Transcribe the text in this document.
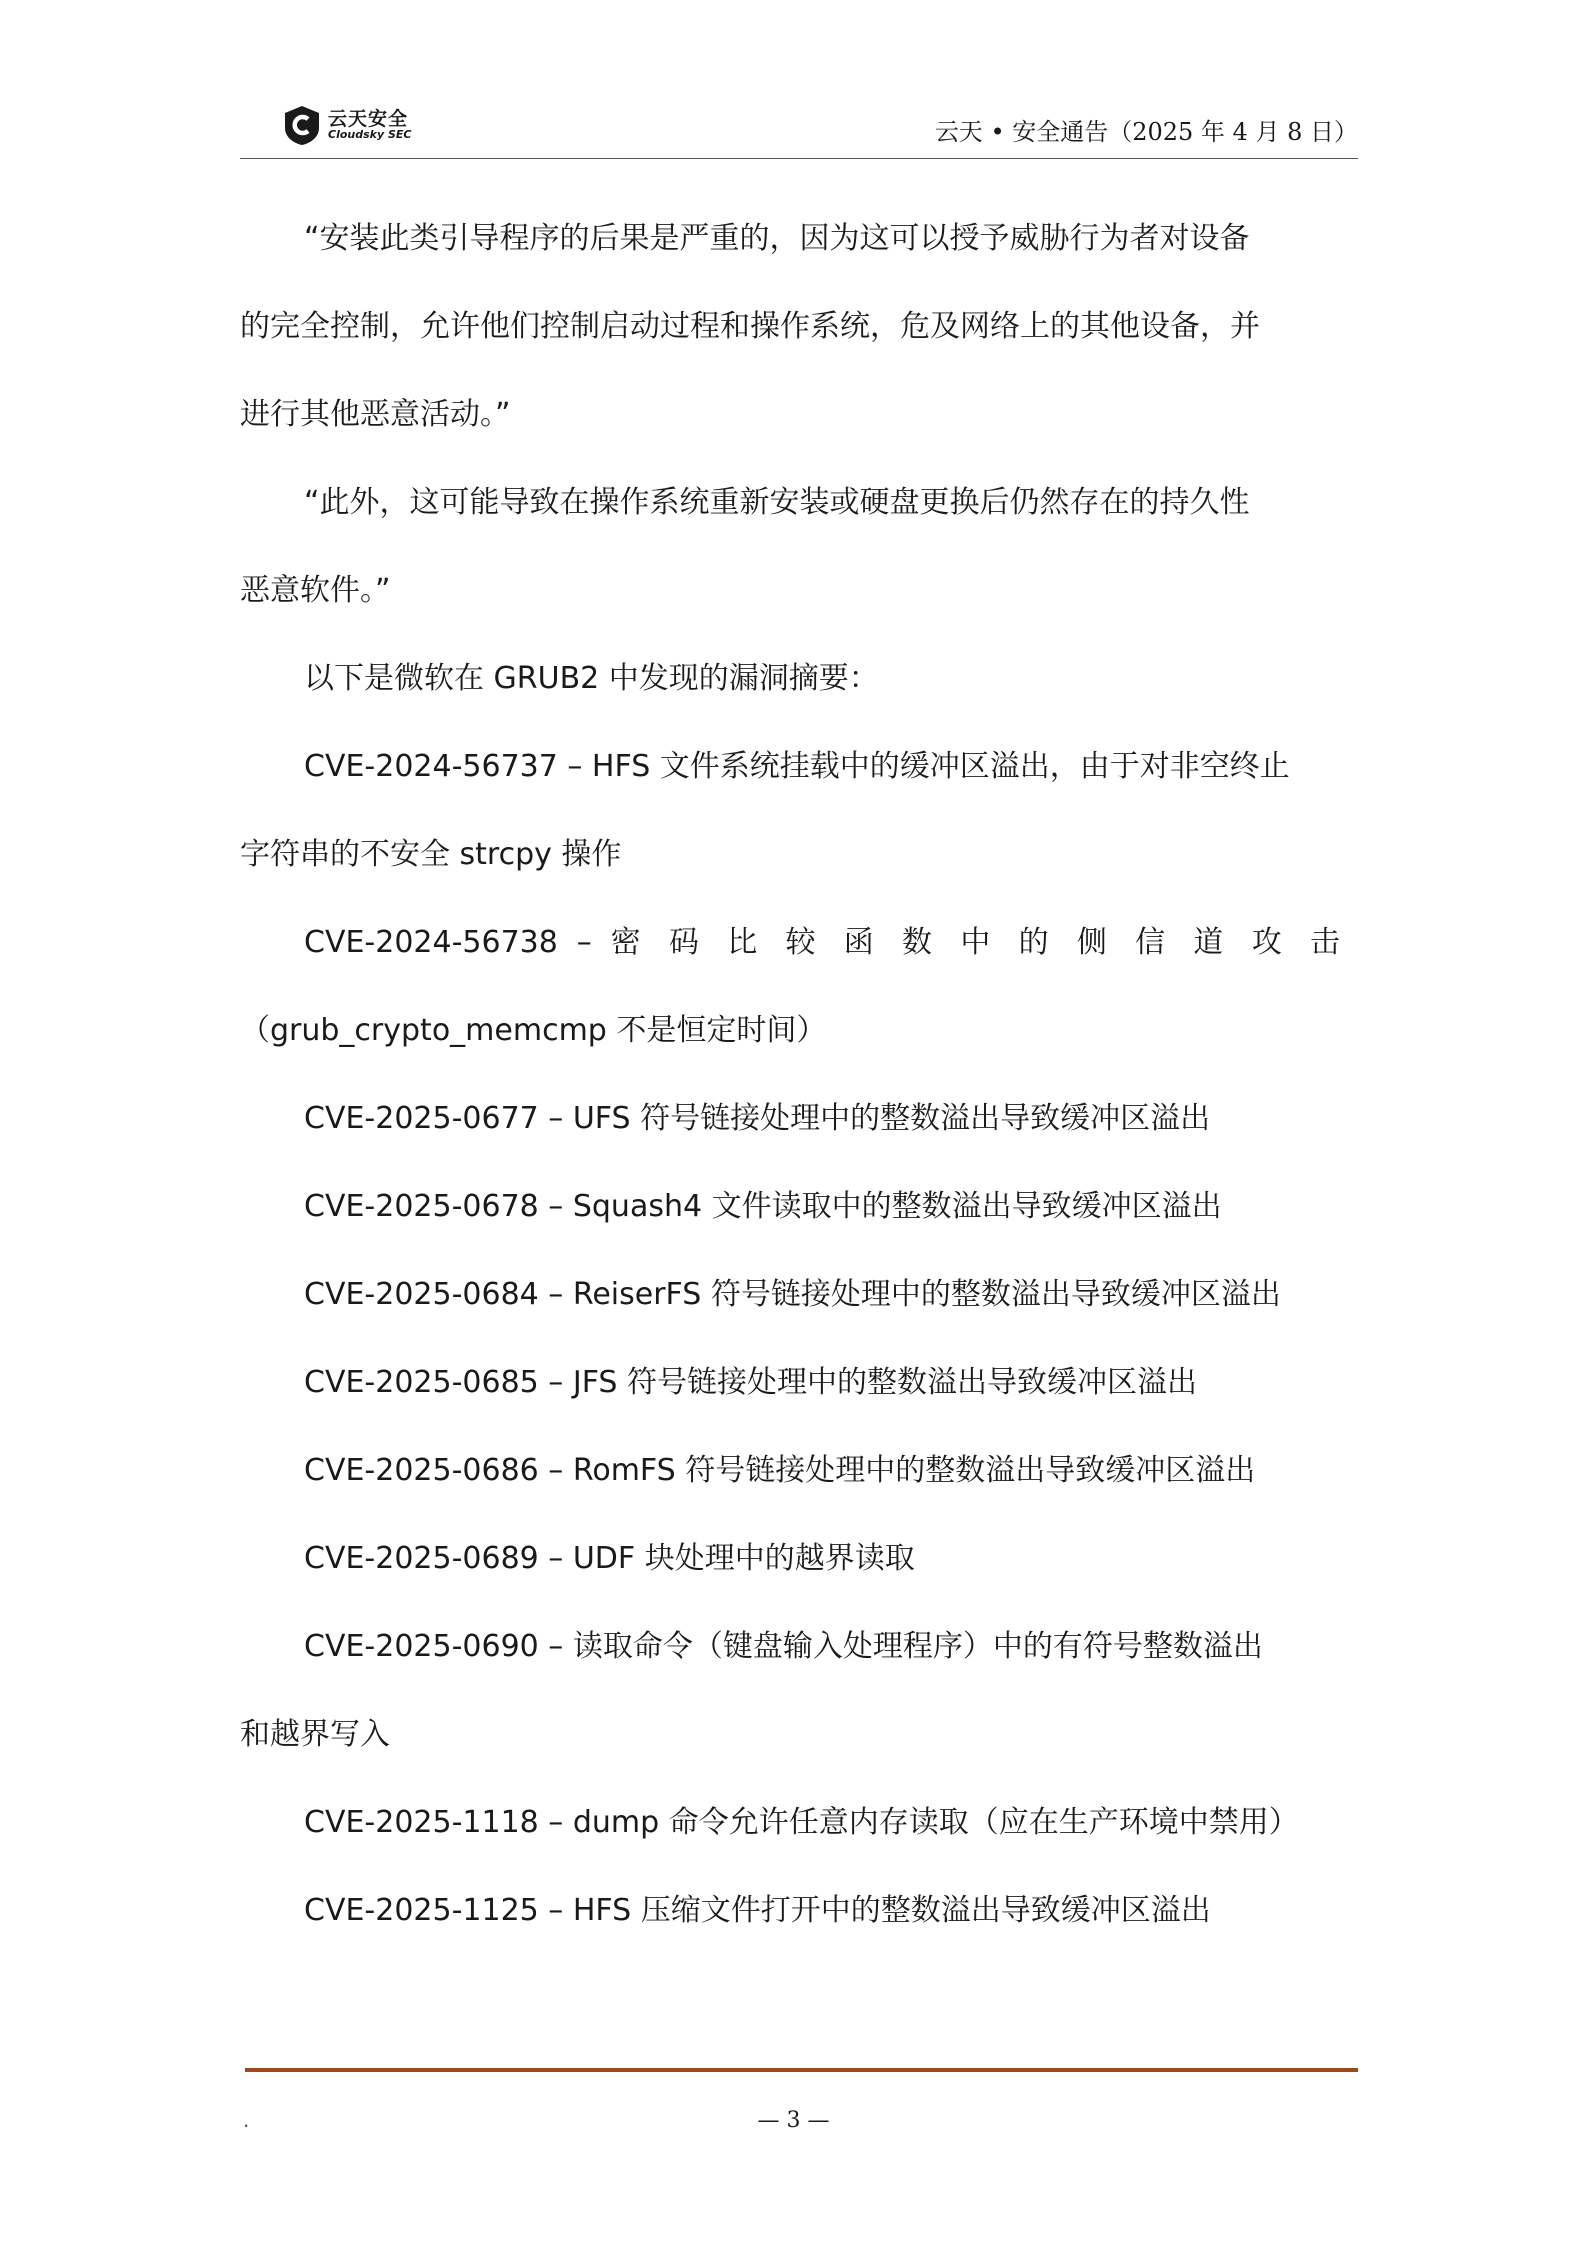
云天安全
Cloudsky SEC	云天 • 安全通告（2025 年 4 月 8 日）

“安装此类引导程序的后果是严重的，因为这可以授予威胁行为者对设备

的完全控制，允许他们控制启动过程和操作系统，危及网络上的其他设备，并

进行其他恶意活动。”

“此外，这可能导致在操作系统重新安装或硬盘更换后仍然存在的持久性

恶意软件。”

以下是微软在 GRUB2 中发现的漏洞摘要：

CVE-2024-56737 – HFS 文件系统挂载中的缓冲区溢出，由于对非空终止

字符串的不安全 strcpy 操作

CVE-2024-56738 – 密 码 比 较 函 数 中 的 侧 信 道 攻 击

（grub_crypto_memcmp 不是恒定时间）

CVE-2025-0677 – UFS 符号链接处理中的整数溢出导致缓冲区溢出

CVE-2025-0678 – Squash4 文件读取中的整数溢出导致缓冲区溢出

CVE-2025-0684 – ReiserFS 符号链接处理中的整数溢出导致缓冲区溢出

CVE-2025-0685 – JFS 符号链接处理中的整数溢出导致缓冲区溢出

CVE-2025-0686 – RomFS 符号链接处理中的整数溢出导致缓冲区溢出

CVE-2025-0689 – UDF 块处理中的越界读取

CVE-2025-0690 – 读取命令（键盘输入处理程序）中的有符号整数溢出

和越界写入

CVE-2025-1118 – dump 命令允许任意内存读取（应在生产环境中禁用）

CVE-2025-1125 – HFS 压缩文件打开中的整数溢出导致缓冲区溢出

.	— 3 —
